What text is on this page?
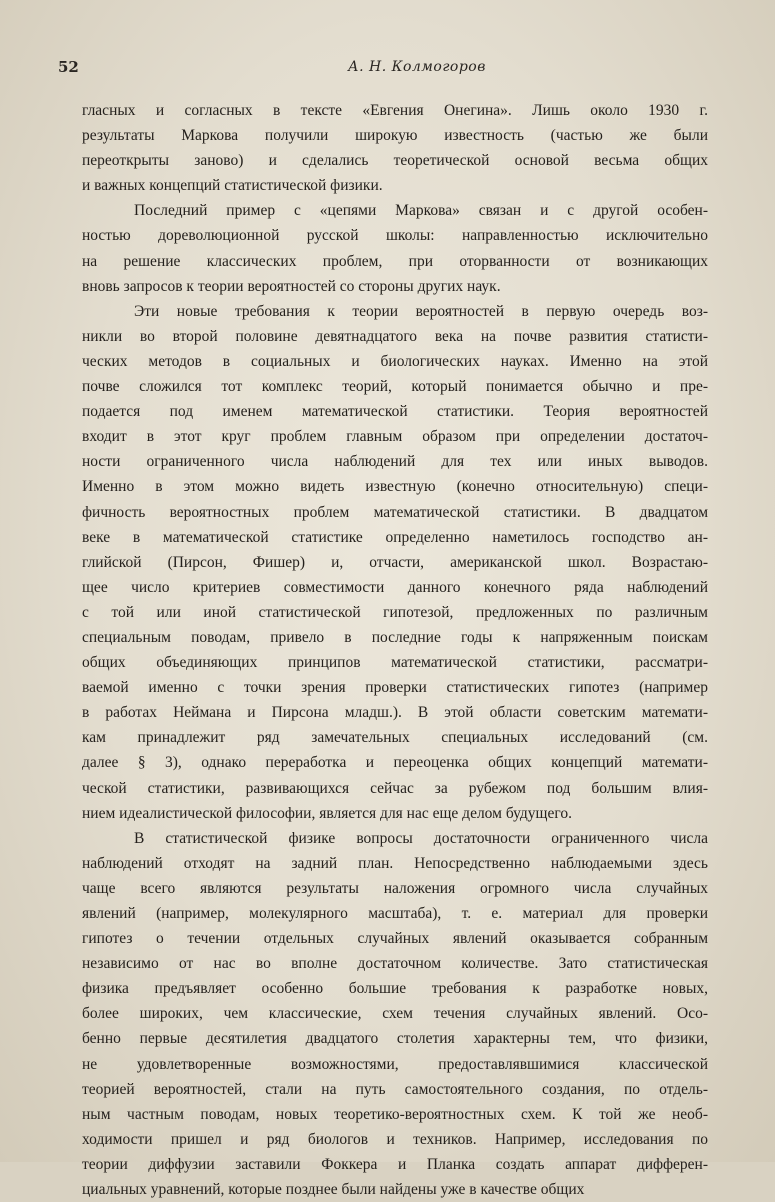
52	А. Н. Колмогоров
гласных и согласных в тексте «Евгения Онегина». Лишь около 1930 г.
результаты Маркова получили широкую известность (частью же были
переоткрыты заново) и сделались теоретической основой весьма общих
и важных концепций статистической физики.
Последний пример с «цепями Маркова» связан и с другой особен-
ностью дореволюционной русской школы: направленностью исключительно
на решение классических проблем, при оторванности от возникающих
вновь запросов к теории вероятностей со стороны других наук.
Эти новые требования к теории вероятностей в первую очередь воз-
никли во второй половине девятнадцатого века на почве развития статисти-
ческих методов в социальных и биологических науках. Именно на этой
почве сложился тот комплекс теорий, который понимается обычно и пре-
подается под именем математической статистики. Теория вероятностей
входит в этот круг проблем главным образом при определении достаточ-
ности ограниченного числа наблюдений для тех или иных выводов.
Именно в этом можно видеть известную (конечно относительную) специ-
фичность вероятностных проблем математической статистики. В двадцатом
веке в математической статистике определенно наметилось господство ан-
глийской (Пирсон, Фишер) и, отчасти, американской школ. Возрастаю-
щее число критериев совместимости данного конечного ряда наблюдений
с той или иной статистической гипотезой, предложенных по различным
специальным поводам, привело в последние годы к напряженным поискам
общих объединяющих принципов математической статистики, рассматри-
ваемой именно с точки зрения проверки статистических гипотез (например
в работах Неймана и Пирсона младш.). В этой области советским математи-
кам принадлежит ряд замечательных специальных исследований (см.
далее § 3), однако переработка и переоценка общих концепций математи-
ческой статистики, развивающихся сейчас за рубежом под большим влия-
нием идеалистической философии, является для нас еще делом будущего.
В статистической физике вопросы достаточности ограниченного числа
наблюдений отходят на задний план. Непосредственно наблюдаемыми здесь
чаще всего являются результаты наложения огромного числа случайных
явлений (например, молекулярного масштаба), т. е. материал для проверки
гипотез о течении отдельных случайных явлений оказывается собранным
независимо от нас во вполне достаточном количестве. Зато статистическая
физика предъявляет особенно большие требования к разработке новых,
более широких, чем классические, схем течения случайных явлений. Осо-
бенно первые десятилетия двадцатого столетия характерны тем, что физики,
не удовлетворенные возможностями, предоставлявшимися классической
теорией вероятностей, стали на путь самостоятельного создания, по отдель-
ным частным поводам, новых теоретико-вероятностных схем. К той же необ-
ходимости пришел и ряд биологов и техников. Например, исследования по
теории диффузии заставили Фоккера и Планка создать аппарат дифферен-
циальных уравнений, которые позднее были найдены уже в качестве общих
